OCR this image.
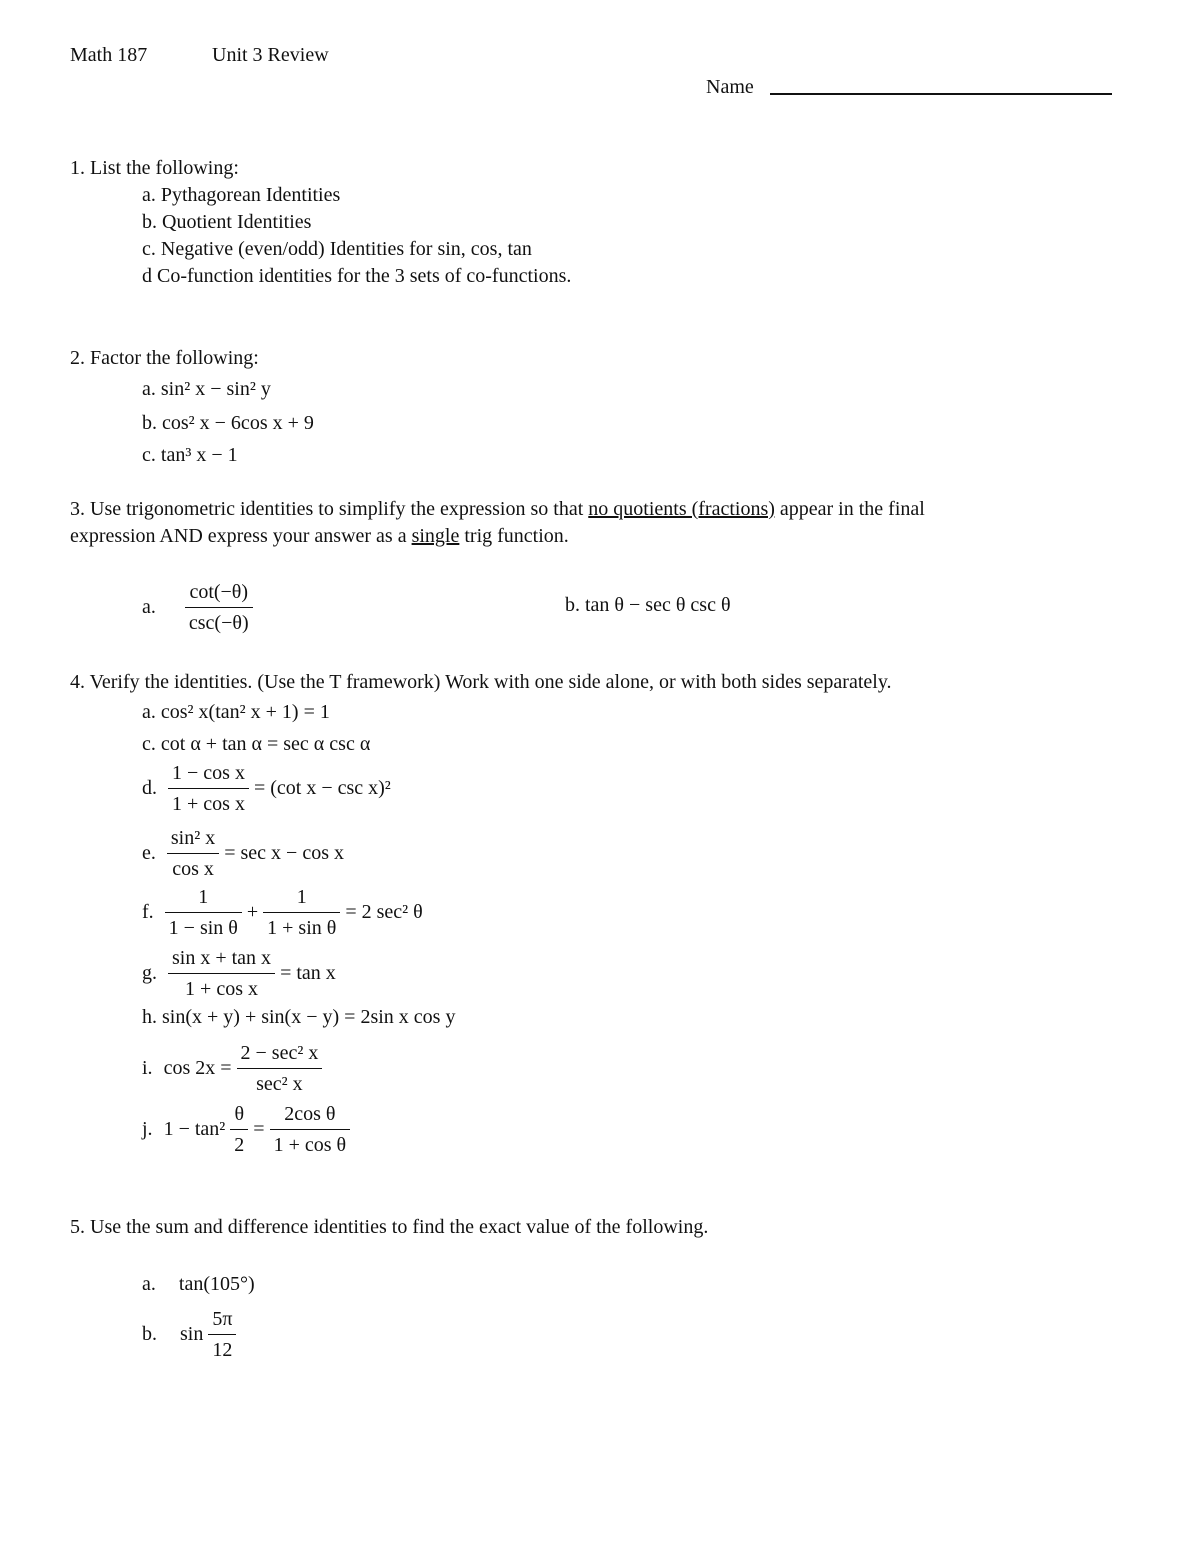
Math 187	Unit 3 Review
Name
1. List the following:
a. Pythagorean Identities
b. Quotient Identities
c. Negative (even/odd) Identities for sin, cos, tan
d Co-function identities for the 3 sets of co-functions.
2. Factor the following:
a. sin² x − sin² y
b. cos² x − 6cos x + 9
c. tan³ x − 1
3. Use trigonometric identities to simplify the expression so that no quotients (fractions) appear in the final
expression AND express your answer as a single trig function.
a.
cot(−θ)
csc(−θ)
b. tan θ − sec θ csc θ
4. Verify the identities. (Use the T framework) Work with one side alone, or with both sides separately.
a. cos² x(tan² x + 1) = 1
c. cot α + tan α = sec α csc α
d. $\frac{\text{1 − cos x}}{\text{1 + cos x}} = (\cot$ x − csc x)²
e. $\frac{\text{sin² x}}{\text{cos x}} = \sec x - \cos x$
f. $\frac{1}{\text{1 − sin θ}} + \frac{1}{\text{1 + sin θ}} = 2$ sec² θ
g. $\frac{\text{sin x + tan x}}{\text{1 + cos x}} = \tan x$
h. sin(x + y) + sin(x − y) = 2sin x cos y
i. cos 2x =
2 − sec² x
sec² x
j. $1 - \tan^2 \frac{\theta}{2} = \frac{\text{2cos θ}}{\text{1 + cos θ}}$
5. Use the sum and difference identities to find the exact value of the following.
a. tan(105°)
b. $\sin \frac{5\pi}{12}$
